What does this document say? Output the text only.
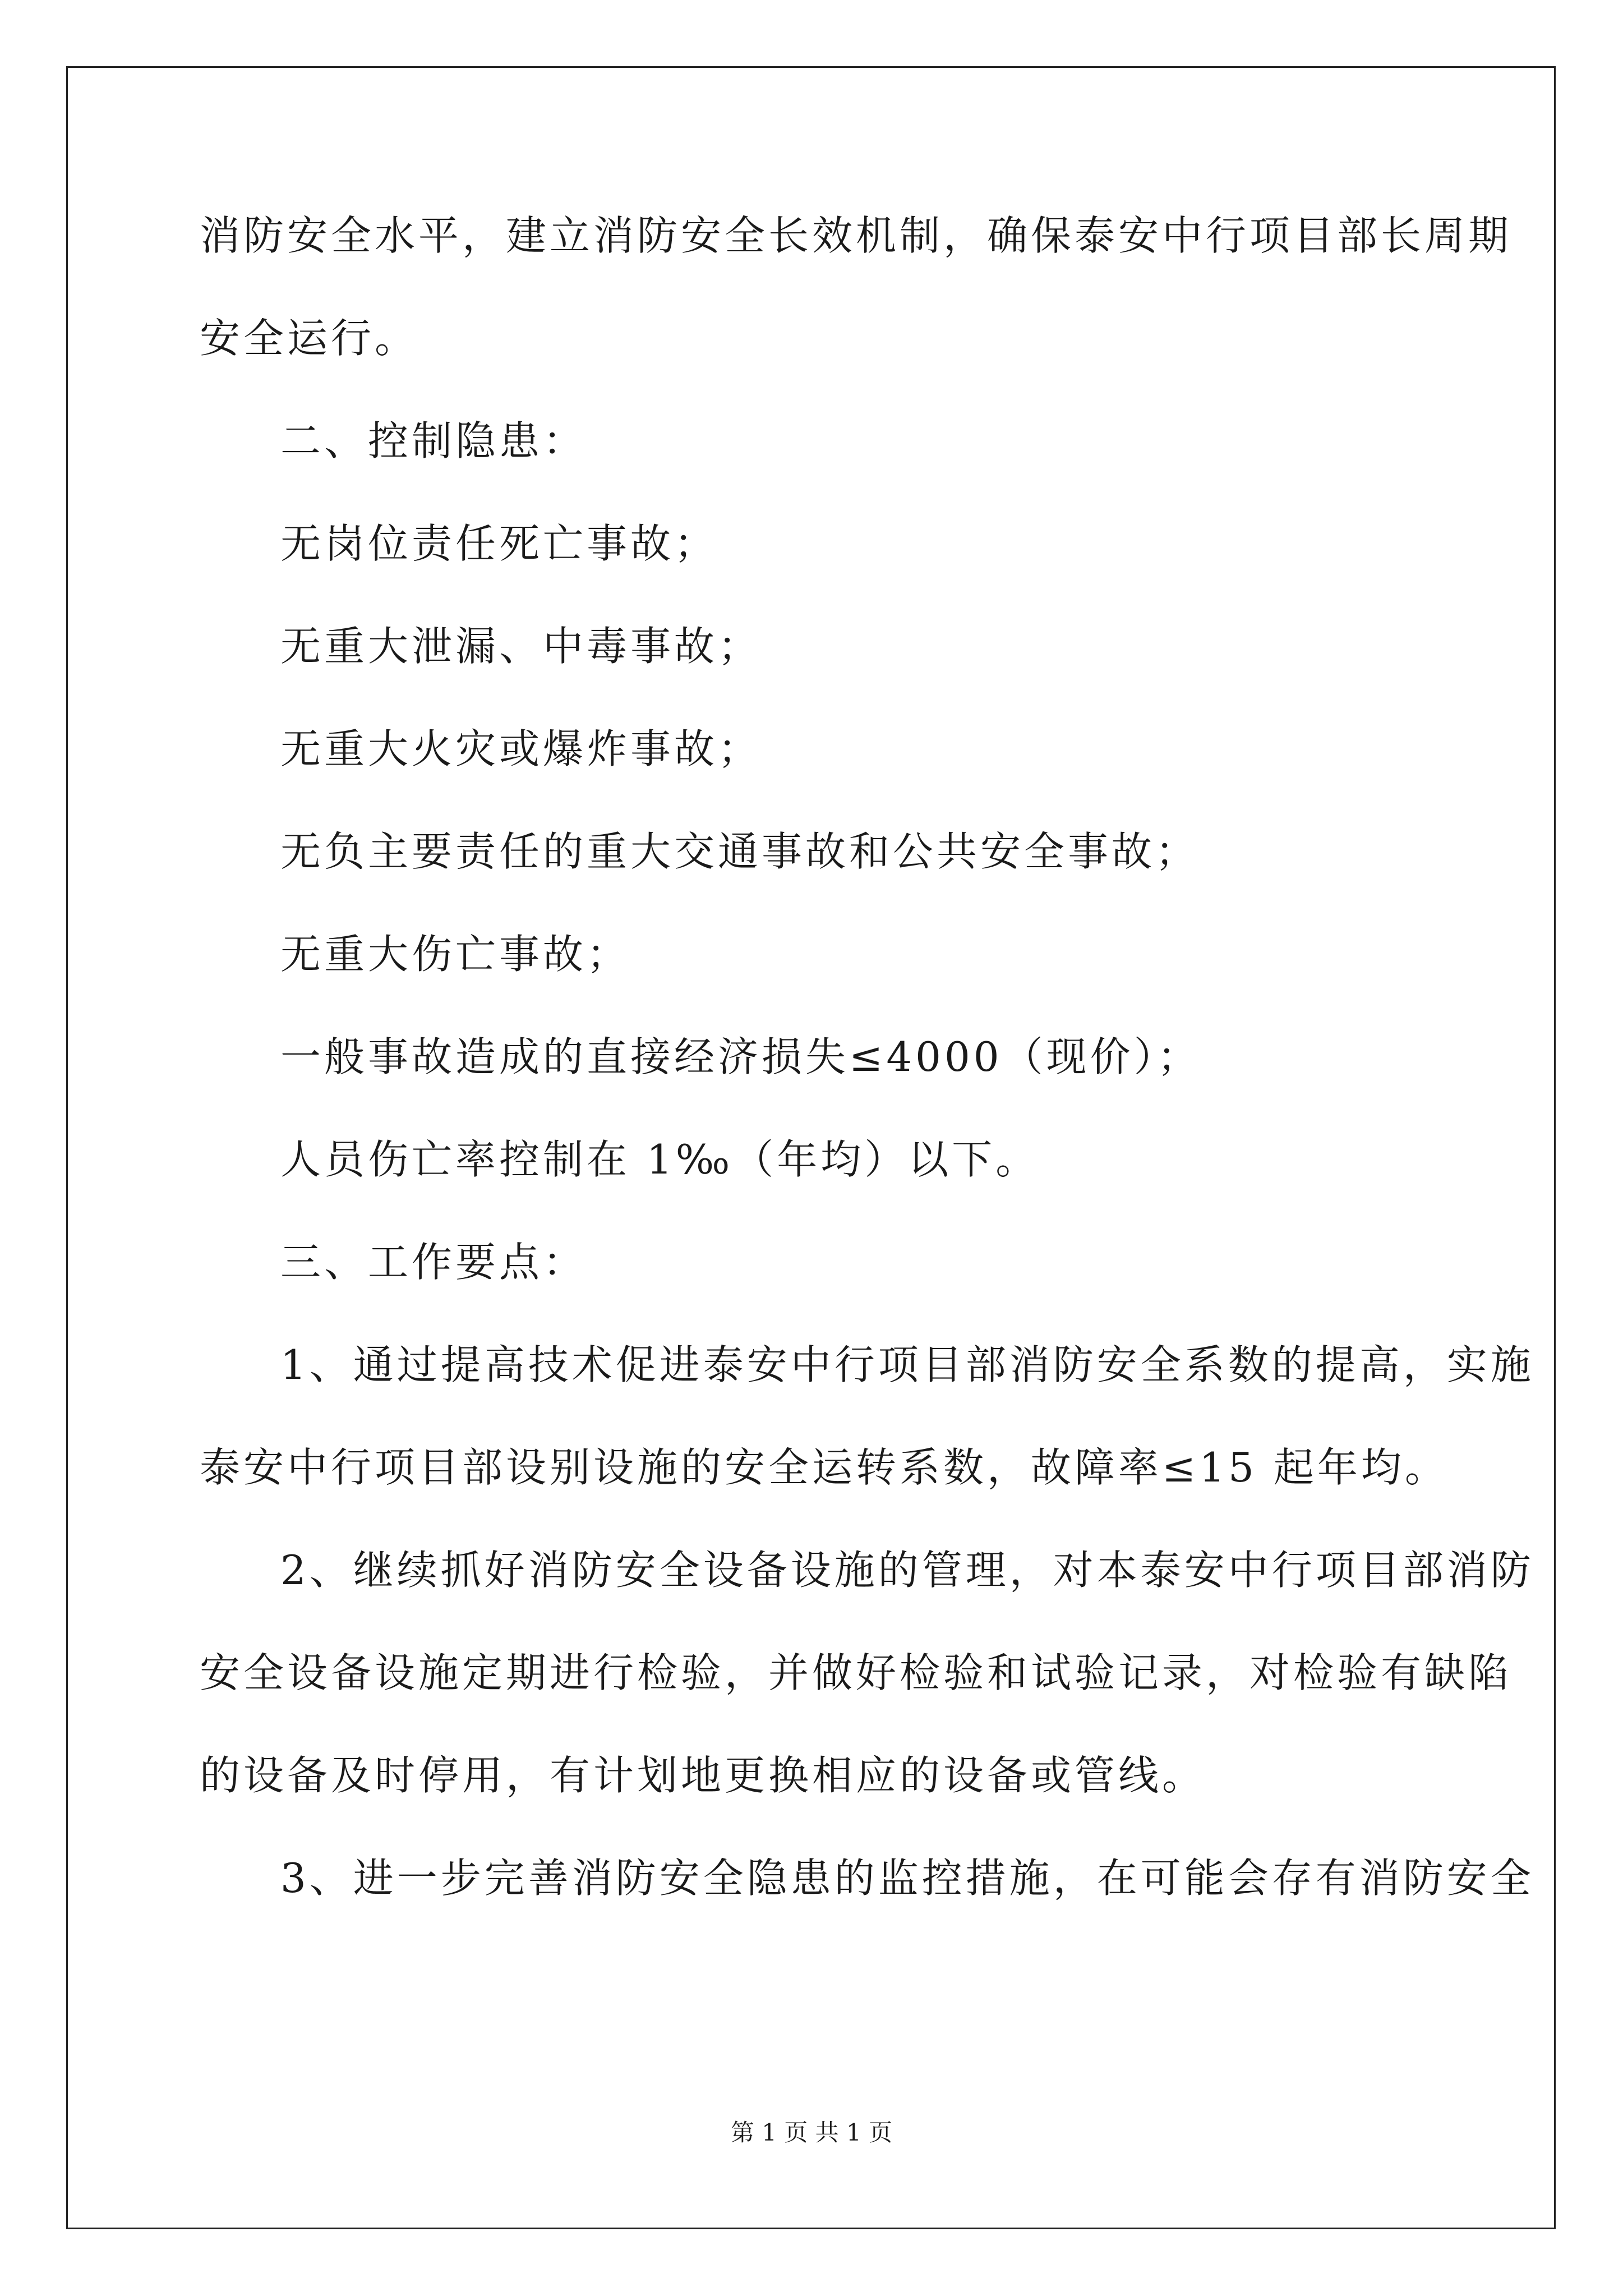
消防安全水平，建立消防安全长效机制，确保泰安中行项目部长周期
安全运行。
二、控制隐患：
无岗位责任死亡事故；
无重大泄漏、中毒事故；
无重大火灾或爆炸事故；
无负主要责任的重大交通事故和公共安全事故；
无重大伤亡事故；
一般事故造成的直接经济损失≤4000（现价）；
人员伤亡率控制在 1‰（年均）以下。
三、工作要点：
1、通过提高技术促进泰安中行项目部消防安全系数的提高，实施
泰安中行项目部设别设施的安全运转系数，故障率≤15 起年均。
2、继续抓好消防安全设备设施的管理，对本泰安中行项目部消防
安全设备设施定期进行检验，并做好检验和试验记录，对检验有缺陷
的设备及时停用，有计划地更换相应的设备或管线。
3、进一步完善消防安全隐患的监控措施，在可能会存有消防安全
第 1 页 共 1 页
